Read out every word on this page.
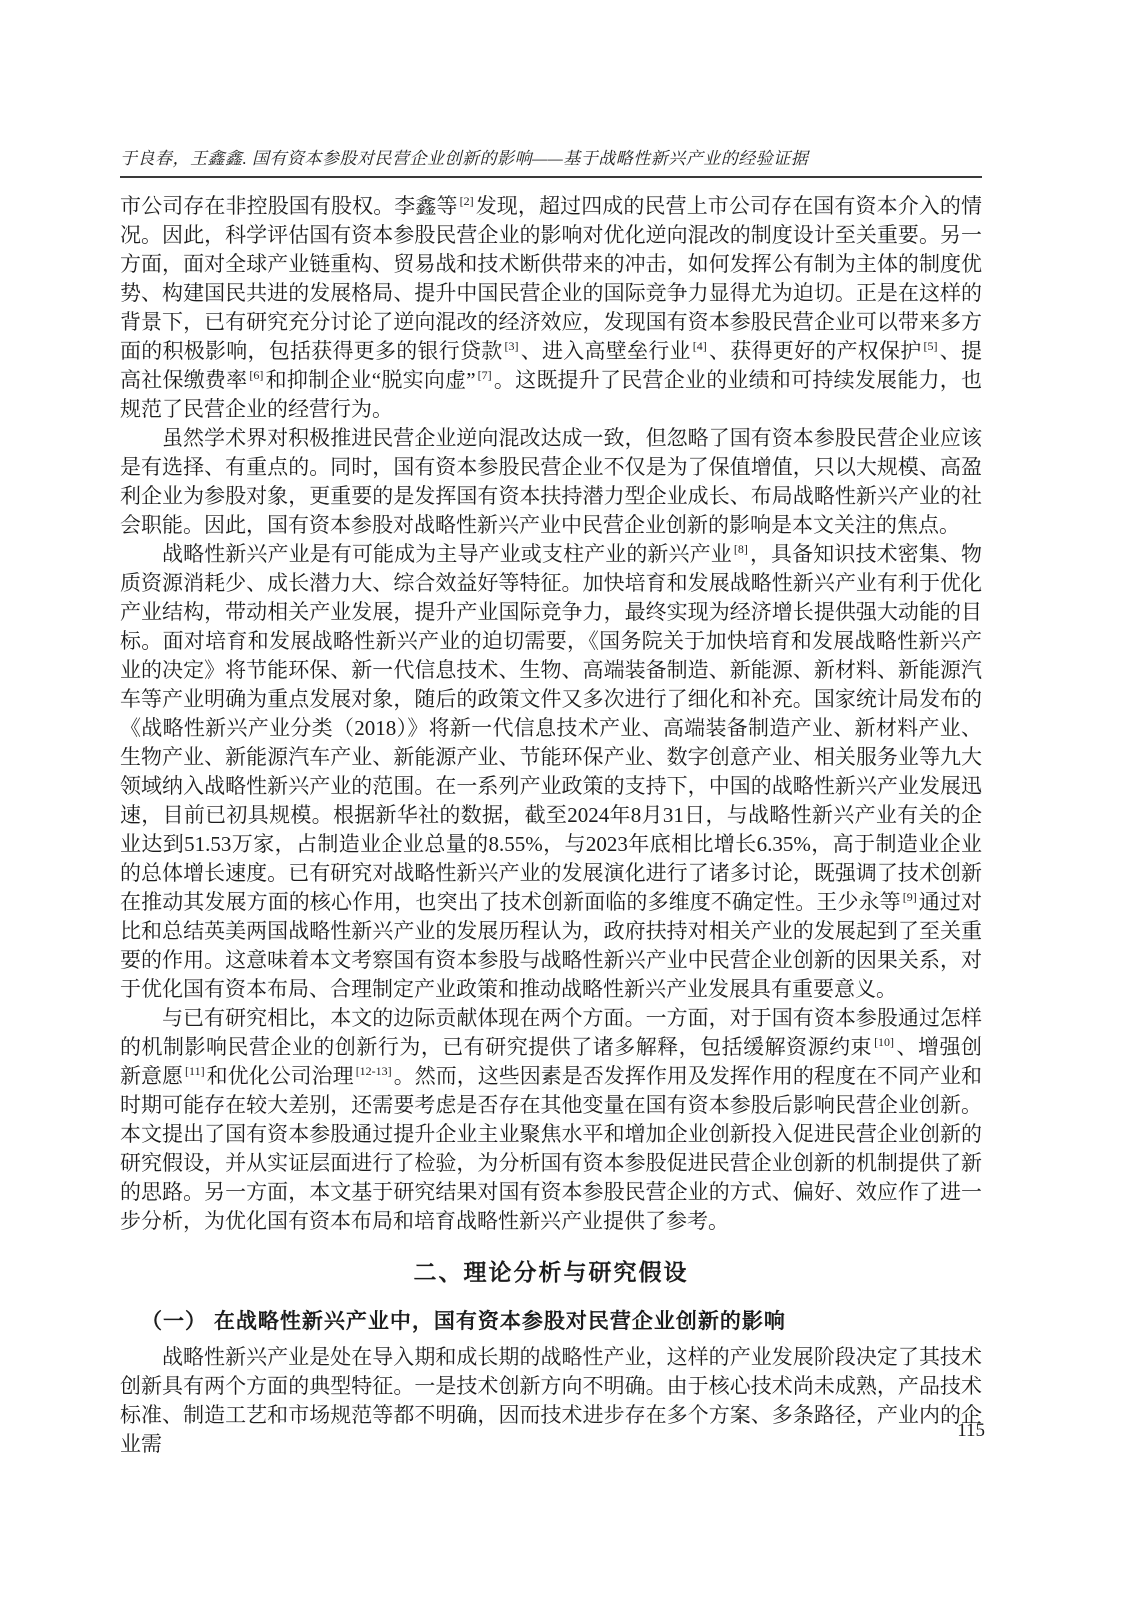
于良春，王鑫鑫. 国有资本参股对民营企业创新的影响——基于战略性新兴产业的经验证据

市公司存在非控股国有股权。李鑫等 [2]发现，超过四成的民营上市公司存在国有资本介入的情况。因此，科学评估国有资本参股民营企业的影响对优化逆向混改的制度设计至关重要。另一方面，面对全球产业链重构、贸易战和技术断供带来的冲击，如何发挥公有制为主体的制度优势、构建国民共进的发展格局、提升中国民营企业的国际竞争力显得尤为迫切。正是在这样的背景下，已有研究充分讨论了逆向混改的经济效应，发现国有资本参股民营企业可以带来多方面的积极影响，包括获得更多的银行贷款 [3]、进入高壁垒行业 [4]、获得更好的产权保护 [5]、提高社保缴费率 [6]和抑制企业“脱实向虚” [7]。这既提升了民营企业的业绩和可持续发展能力，也规范了民营企业的经营行为。

虽然学术界对积极推进民营企业逆向混改达成一致，但忽略了国有资本参股民营企业应该是有选择、有重点的。同时，国有资本参股民营企业不仅是为了保值增值，只以大规模、高盈利企业为参股对象，更重要的是发挥国有资本扶持潜力型企业成长、布局战略性新兴产业的社会职能。因此，国有资本参股对战略性新兴产业中民营企业创新的影响是本文关注的焦点。

战略性新兴产业是有可能成为主导产业或支柱产业的新兴产业 [8]，具备知识技术密集、物质资源消耗少、成长潜力大、综合效益好等特征。加快培育和发展战略性新兴产业有利于优化产业结构，带动相关产业发展，提升产业国际竞争力，最终实现为经济增长提供强大动能的目标。面对培育和发展战略性新兴产业的迫切需要，《国务院关于加快培育和发展战略性新兴产业的决定》将节能环保、新一代信息技术、生物、高端装备制造、新能源、新材料、新能源汽车等产业明确为重点发展对象，随后的政策文件又多次进行了细化和补充。国家统计局发布的《战略性新兴产业分类（2018）》将新一代信息技术产业、高端装备制造产业、新材料产业、生物产业、新能源汽车产业、新能源产业、节能环保产业、数字创意产业、相关服务业等九大领域纳入战略性新兴产业的范围。在一系列产业政策的支持下，中国的战略性新兴产业发展迅速，目前已初具规模。根据新华社的数据，截至2024年8月31日，与战略性新兴产业有关的企业达到51.53万家，占制造业企业总量的8.55%，与2023年底相比增长6.35%，高于制造业企业的总体增长速度。已有研究对战略性新兴产业的发展演化进行了诸多讨论，既强调了技术创新在推动其发展方面的核心作用，也突出了技术创新面临的多维度不确定性。王少永等 [9]通过对比和总结英美两国战略性新兴产业的发展历程认为，政府扶持对相关产业的发展起到了至关重要的作用。这意味着本文考察国有资本参股与战略性新兴产业中民营企业创新的因果关系，对于优化国有资本布局、合理制定产业政策和推动战略性新兴产业发展具有重要意义。

与已有研究相比，本文的边际贡献体现在两个方面。一方面，对于国有资本参股通过怎样的机制影响民营企业的创新行为，已有研究提供了诸多解释，包括缓解资源约束 [10]、增强创新意愿 [11]和优化公司治理 [12-13]。然而，这些因素是否发挥作用及发挥作用的程度在不同产业和时期可能存在较大差别，还需要考虑是否存在其他变量在国有资本参股后影响民营企业创新。本文提出了国有资本参股通过提升企业主业聚焦水平和增加企业创新投入促进民营企业创新的研究假设，并从实证层面进行了检验，为分析国有资本参股促进民营企业创新的机制提供了新的思路。另一方面，本文基于研究结果对国有资本参股民营企业的方式、偏好、效应作了进一步分析，为优化国有资本布局和培育战略性新兴产业提供了参考。

二、理论分析与研究假设
（一） 在战略性新兴产业中，国有资本参股对民营企业创新的影响

战略性新兴产业是处在导入期和成长期的战略性产业，这样的产业发展阶段决定了其技术创新具有两个方面的典型特征。一是技术创新方向不明确。由于核心技术尚未成熟，产品技术标准、制造工艺和市场规范等都不明确，因而技术进步存在多个方案、多条路径，产业内的企业需

115
